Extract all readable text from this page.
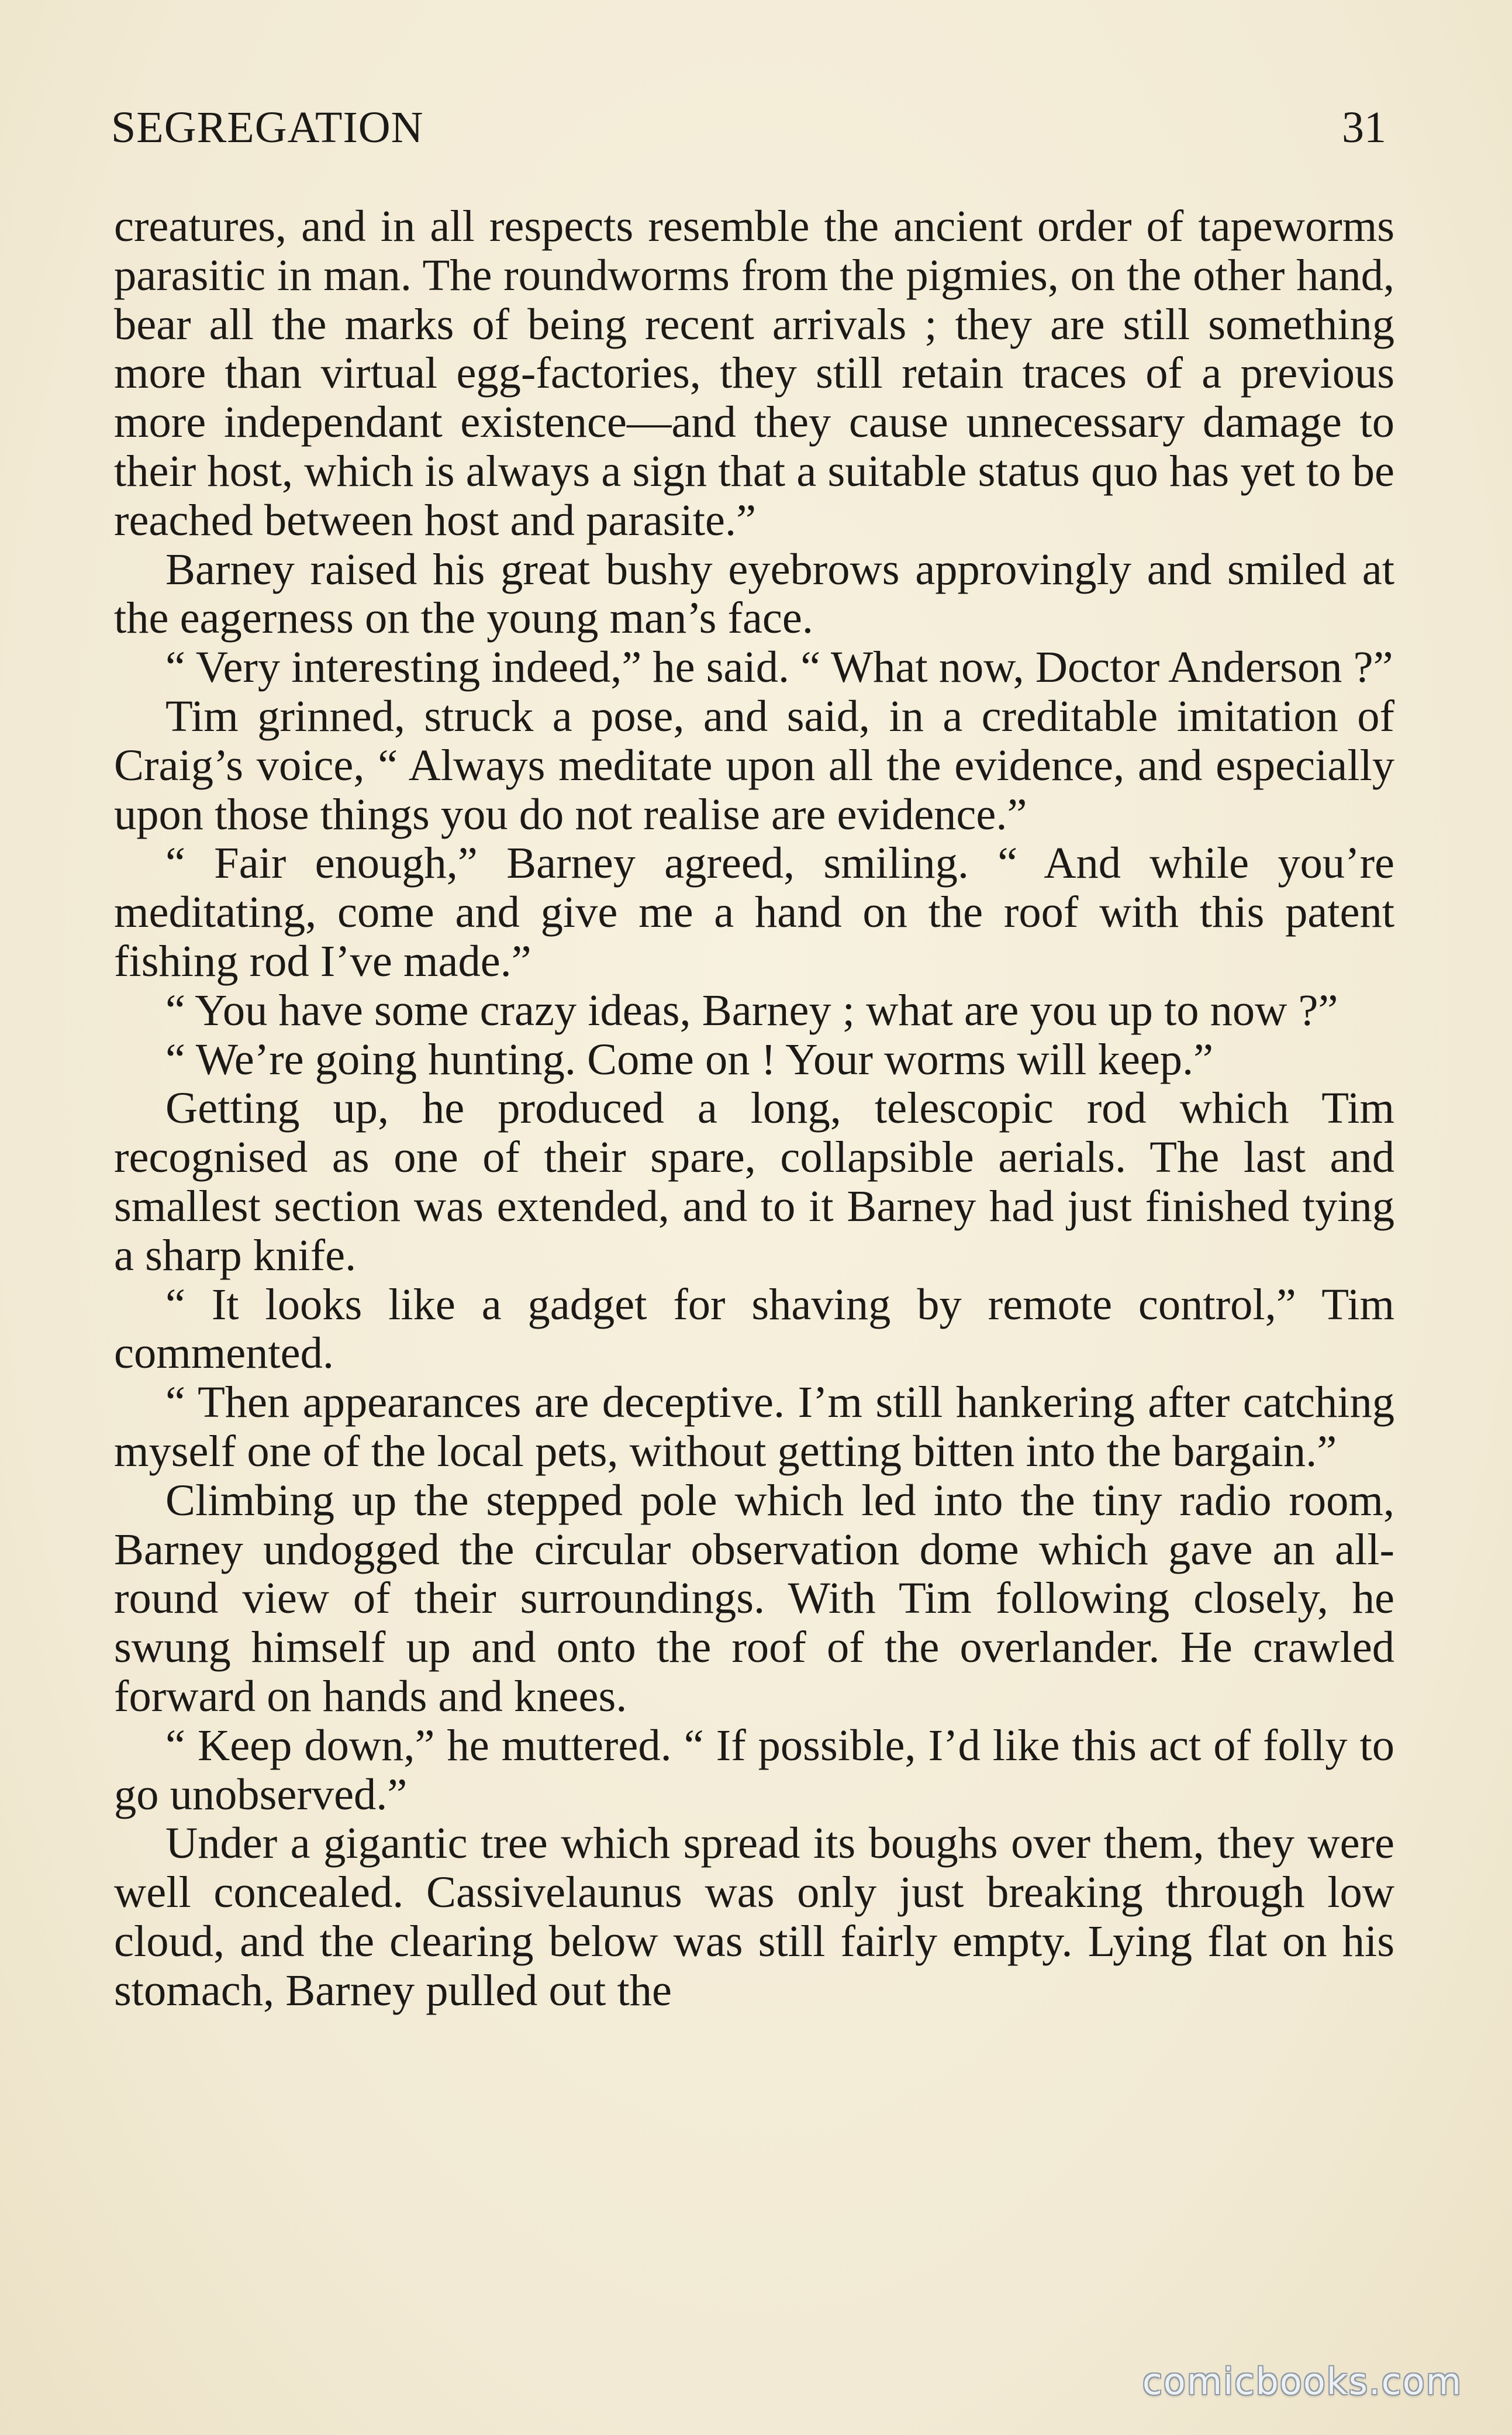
SEGREGATION	31

creatures, and in all respects resemble the ancient order of tapeworms parasitic in man. The roundworms from the pigmies, on the other hand, bear all the marks of being recent arrivals ; they are still something more than virtual egg-factories, they still retain traces of a previous more independant existence—and they cause unnecessary damage to their host, which is always a sign that a suitable status quo has yet to be reached between host and parasite.”

Barney raised his great bushy eyebrows approvingly and smiled at the eagerness on the young man’s face.

“ Very interesting indeed,” he said. “ What now, Doctor Anderson ?”

Tim grinned, struck a pose, and said, in a creditable imitation of Craig’s voice, “ Always meditate upon all the evidence, and especially upon those things you do not realise are evidence.”

“ Fair enough,” Barney agreed, smiling. “ And while you’re meditating, come and give me a hand on the roof with this patent fishing rod I’ve made.”

“ You have some crazy ideas, Barney ; what are you up to now ?”

“ We’re going hunting. Come on ! Your worms will keep.”

Getting up, he produced a long, telescopic rod which Tim recognised as one of their spare, collapsible aerials. The last and smallest section was extended, and to it Barney had just finished tying a sharp knife.

“ It looks like a gadget for shaving by remote control,” Tim commented.

“ Then appearances are deceptive. I’m still hankering after catching myself one of the local pets, without getting bitten into the bargain.”

Climbing up the stepped pole which led into the tiny radio room, Barney undogged the circular observation dome which gave an all-round view of their surroundings. With Tim following closely, he swung himself up and onto the roof of the overlander. He crawled forward on hands and knees.

“ Keep down,” he muttered. “ If possible, I’d like this act of folly to go unobserved.”

Under a gigantic tree which spread its boughs over them, they were well concealed. Cassivelaunus was only just breaking through low cloud, and the clearing below was still fairly empty. Lying flat on his stomach, Barney pulled out the

comicbooks.com
